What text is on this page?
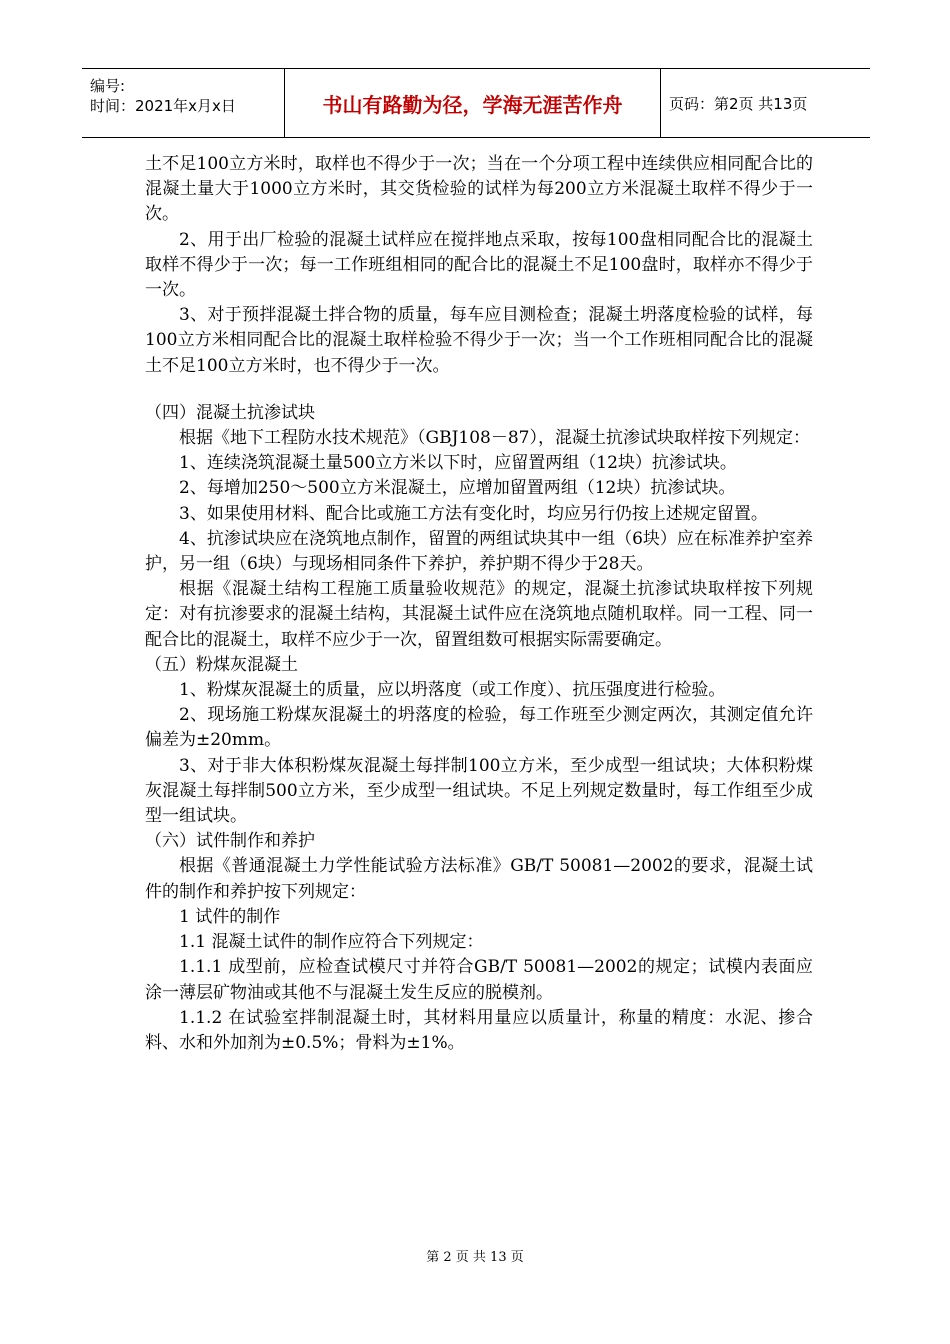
编号:
时间：2021年x月x日	书山有路勤为径，学海无涯苦作舟	页码：第2页 共13页

土不足100立方米时，取样也不得少于一次；当在一个分项工程中连续供应相同配合比的混凝土量大于1000立方米时，其交货检验的试样为每200立方米混凝土取样不得少于一次。

2、用于出厂检验的混凝土试样应在搅拌地点采取，按每100盘相同配合比的混凝土取样不得少于一次；每一工作班组相同的配合比的混凝土不足100盘时，取样亦不得少于一次。

3、对于预拌混凝土拌合物的质量，每车应目测检查；混凝土坍落度检验的试样，每100立方米相同配合比的混凝土取样检验不得少于一次；当一个工作班相同配合比的混凝土不足100立方米时，也不得少于一次。

（四）混凝土抗渗试块

根据《地下工程防水技术规范》（GBJ108－87），混凝土抗渗试块取样按下列规定：

1、连续浇筑混凝土量500立方米以下时，应留置两组（12块）抗渗试块。

2、每增加250～500立方米混凝土，应增加留置两组（12块）抗渗试块。

3、如果使用材料、配合比或施工方法有变化时，均应另行仍按上述规定留置。

4、抗渗试块应在浇筑地点制作，留置的两组试块其中一组（6块）应在标准养护室养护，另一组（6块）与现场相同条件下养护，养护期不得少于28天。

根据《混凝土结构工程施工质量验收规范》的规定，混凝土抗渗试块取样按下列规定：对有抗渗要求的混凝土结构，其混凝土试件应在浇筑地点随机取样。同一工程、同一配合比的混凝土，取样不应少于一次，留置组数可根据实际需要确定。

（五）粉煤灰混凝土

1、粉煤灰混凝土的质量，应以坍落度（或工作度）、抗压强度进行检验。

2、现场施工粉煤灰混凝土的坍落度的检验，每工作班至少测定两次，其测定值允许偏差为±20mm。

3、对于非大体积粉煤灰混凝土每拌制100立方米，至少成型一组试块；大体积粉煤灰混凝土每拌制500立方米，至少成型一组试块。不足上列规定数量时，每工作组至少成型一组试块。

（六）试件制作和养护

根据《普通混凝土力学性能试验方法标准》GB/T 50081—2002的要求，混凝土试件的制作和养护按下列规定：

1 试件的制作

1.1 混凝土试件的制作应符合下列规定：

1.1.1 成型前，应检查试模尺寸并符合GB/T 50081—2002的规定；试模内表面应涂一薄层矿物油或其他不与混凝土发生反应的脱模剂。

1.1.2 在试验室拌制混凝土时，其材料用量应以质量计，称量的精度：水泥、掺合料、水和外加剂为±0.5%；骨料为±1%。

第 2 页 共 13 页
